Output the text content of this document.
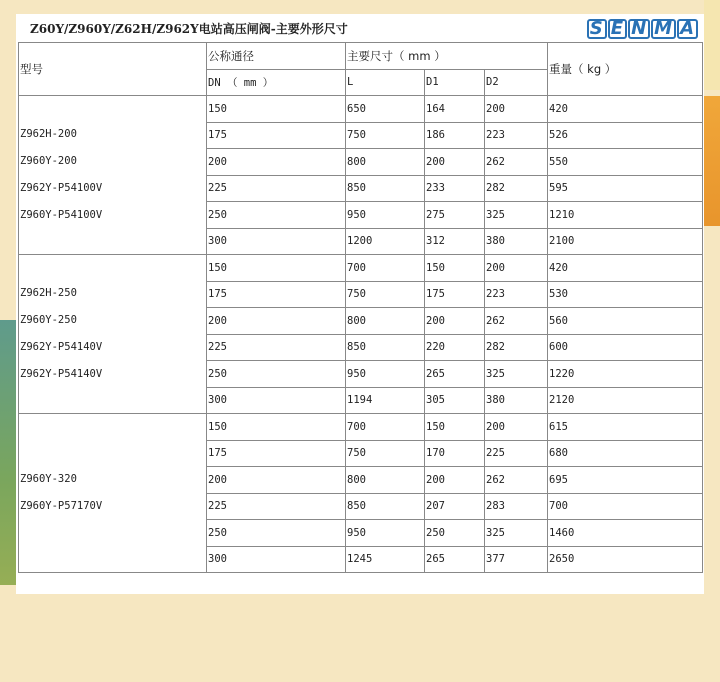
Z60Y/Z960Y/Z62H/Z962Y电站高压闸阀-主要外形尺寸	S E N M A
型号	公称通径	主要尺寸（ mm ）			重量（ kg ）
	DN （ mm ）	L	D1	D2	

Z962H-200
Z960Y-200
Z962Y-P54100V
Z960Y-P54100V	150	650	164	200	420
	175	750	186	223	526
	200	800	200	262	550
	225	850	233	282	595
	250	950	275	325	1210
	300	1200	312	380	2100

Z962H-250
Z960Y-250
Z962Y-P54140V
Z962Y-P54140V	150	700	150	200	420
	175	750	175	223	530
	200	800	200	262	560
	225	850	220	282	600
	250	950	265	325	1220
	300	1194	305	380	2120

Z960Y-320
Z960Y-P57170V	150	700	150	200	615
	175	750	170	225	680
	200	800	200	262	695
	225	850	207	283	700
	250	950	250	325	1460
	300	1245	265	377	2650
